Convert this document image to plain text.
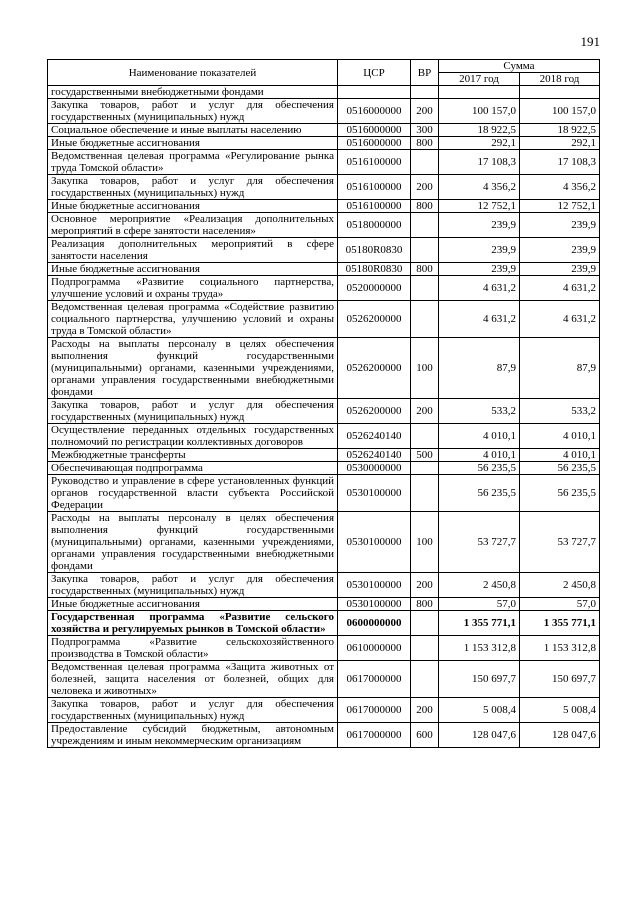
191
Наименование показателей	ЦСР	ВР	Сумма	
			2017 год	2018 год
государственными внебюджетными фондами				
Закупка товаров, работ и услуг для обеспечения государственных (муниципальных) нужд	0516000000	200	100 157,0	100 157,0
Социальное обеспечение и иные выплаты населению	0516000000	300	18 922,5	18 922,5
Иные бюджетные ассигнования	0516000000	800	292,1	292,1
Ведомственная целевая программа «Регулирование рынка труда Томской области»	0516100000		17 108,3	17 108,3
Закупка товаров, работ и услуг для обеспечения государственных (муниципальных) нужд	0516100000	200	4 356,2	4 356,2
Иные бюджетные ассигнования	0516100000	800	12 752,1	12 752,1
Основное мероприятие «Реализация дополнительных мероприятий в сфере занятости населения»	0518000000		239,9	239,9
Реализация дополнительных мероприятий в сфере занятости населения	05180R0830		239,9	239,9
Иные бюджетные ассигнования	05180R0830	800	239,9	239,9
Подпрограмма «Развитие социального партнерства, улучшение условий и охраны труда»	0520000000		4 631,2	4 631,2
Ведомственная целевая программа «Содействие развитию социального партнерства, улучшению условий и охраны труда в Томской области»	0526200000		4 631,2	4 631,2
Расходы на выплаты персоналу в целях обеспечения выполнения функций государственными (муниципальными) органами, казенными учреждениями, органами управления государственными внебюджетными фондами	0526200000	100	87,9	87,9
Закупка товаров, работ и услуг для обеспечения государственных (муниципальных) нужд	0526200000	200	533,2	533,2
Осуществление переданных отдельных государственных полномочий по регистрации коллективных договоров	0526240140		4 010,1	4 010,1
Межбюджетные трансферты	0526240140	500	4 010,1	4 010,1
Обеспечивающая подпрограмма	0530000000		56 235,5	56 235,5
Руководство и управление в сфере установленных функций органов государственной власти субъекта Российской Федерации	0530100000		56 235,5	56 235,5
Расходы на выплаты персоналу в целях обеспечения выполнения функций государственными (муниципальными) органами, казенными учреждениями, органами управления государственными внебюджетными фондами	0530100000	100	53 727,7	53 727,7
Закупка товаров, работ и услуг для обеспечения государственных (муниципальных) нужд	0530100000	200	2 450,8	2 450,8
Иные бюджетные ассигнования	0530100000	800	57,0	57,0
Государственная программа «Развитие сельского хозяйства и регулируемых рынков в Томской области»	0600000000		1 355 771,1	1 355 771,1
Подпрограмма «Развитие сельскохозяйственного производства в Томской области»	0610000000		1 153 312,8	1 153 312,8
Ведомственная целевая программа «Защита животных от болезней, защита населения от болезней, общих для человека и животных»	0617000000		150 697,7	150 697,7
Закупка товаров, работ и услуг для обеспечения государственных (муниципальных) нужд	0617000000	200	5 008,4	5 008,4
Предоставление субсидий бюджетным, автономным учреждениям и иным некоммерческим организациям	0617000000	600	128 047,6	128 047,6
